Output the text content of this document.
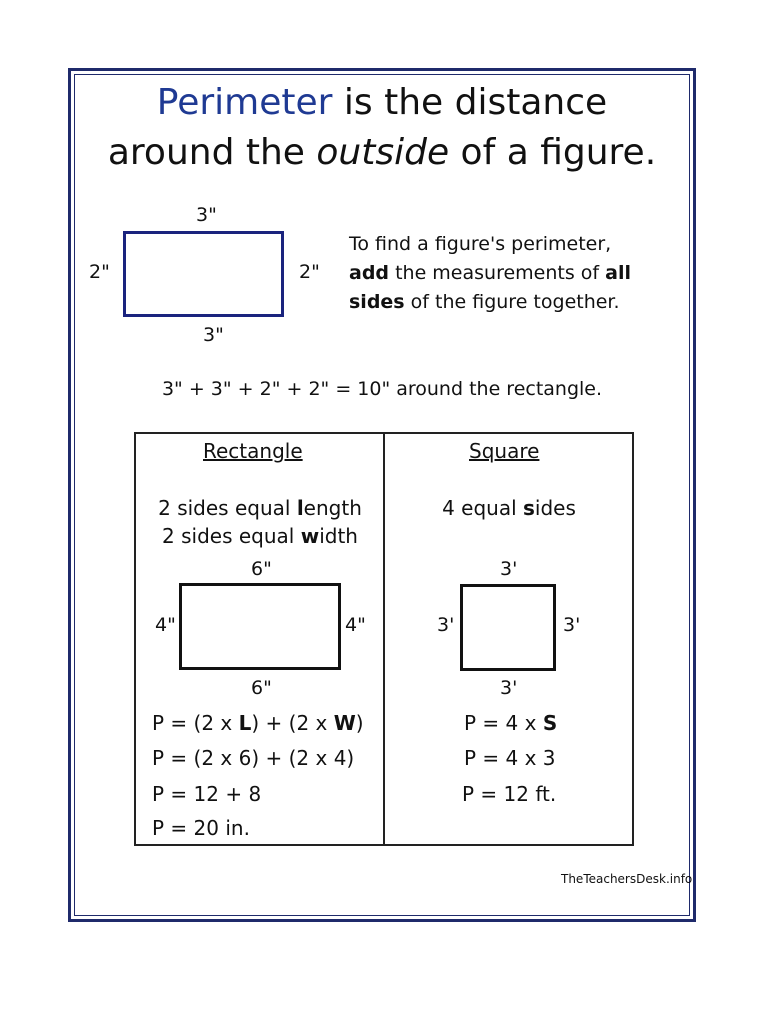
Perimeter is the distance
around the outside of a figure.
3"
2"	2"
3"
To find a figure's perimeter,
add the measurements of all
sides of the figure together.
3" + 3" + 2" + 2" = 10" around the rectangle.
Rectangle
2 sides equal length
2 sides equal width
6"
4"	4"
6"
P = (2 x L) + (2 x W)
P = (2 x 6) + (2 x 4)
P = 12 + 8
P = 20 in.
Square
4 equal sides
3'
3'	3'
3'
P = 4 x S
P = 4 x 3
P = 12 ft.
TheTeachersDesk.info
